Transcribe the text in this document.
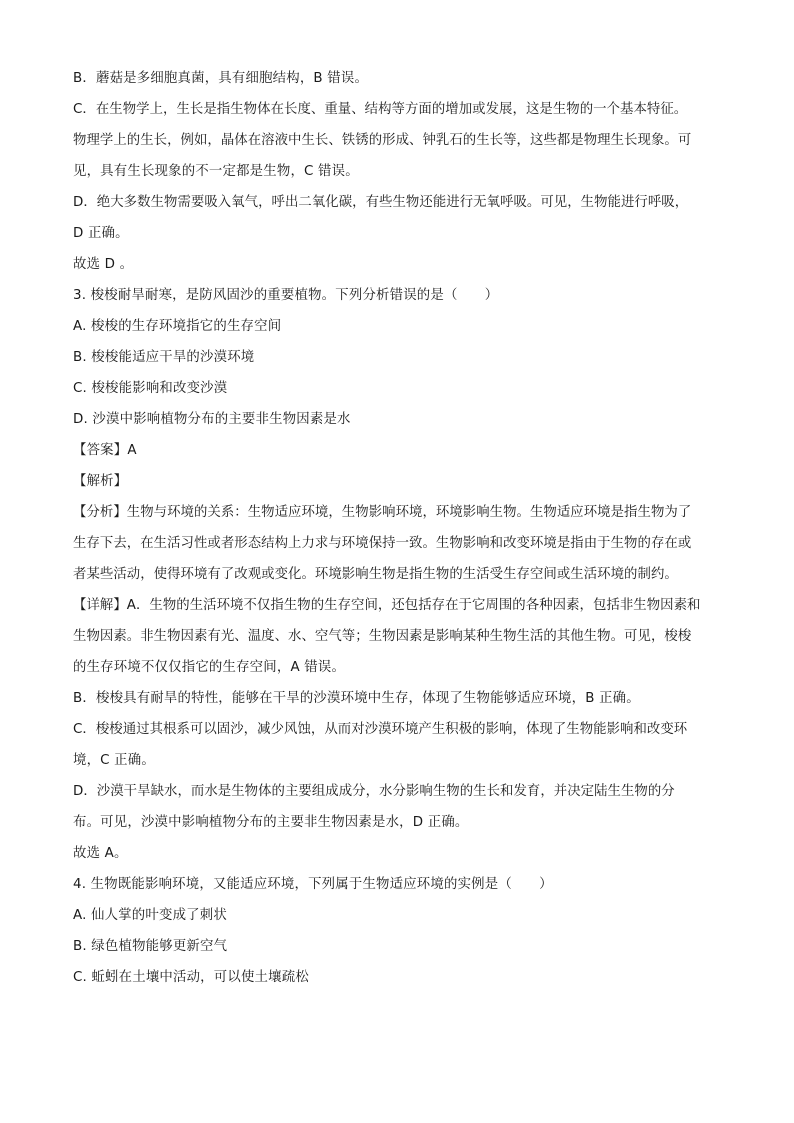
B．蘑菇是多细胞真菌，具有细胞结构，B 错误。
C．在生物学上，生长是指生物体在长度、重量、结构等方面的增加或发展，这是生物的一个基本特征。
物理学上的生长，例如，晶体在溶液中生长、铁锈的形成、钟乳石的生长等，这些都是物理生长现象。可
见，具有生长现象的不一定都是生物，C 错误。
D．绝大多数生物需要吸入氧气，呼出二氧化碳，有些生物还能进行无氧呼吸。可见，生物能进行呼吸，
D 正确。
故选 D 。
3. 梭梭耐旱耐寒，是防风固沙的重要植物。下列分析错误的是（　　）
A. 梭梭的生存环境指它的生存空间
B. 梭梭能适应干旱的沙漠环境
C. 梭梭能影响和改变沙漠
D. 沙漠中影响植物分布的主要非生物因素是水
【答案】A
【解析】
【分析】生物与环境的关系：生物适应环境，生物影响环境，环境影响生物。生物适应环境是指生物为了
生存下去，在生活习性或者形态结构上力求与环境保持一致。生物影响和改变环境是指由于生物的存在或
者某些活动，使得环境有了改观或变化。环境影响生物是指生物的生活受生存空间或生活环境的制约。
【详解】A．生物的生活环境不仅指生物的生存空间，还包括存在于它周围的各种因素，包括非生物因素和
生物因素。非生物因素有光、温度、水、空气等；生物因素是影响某种生物生活的其他生物。可见，梭梭
的生存环境不仅仅指它的生存空间，A 错误。
B．梭梭具有耐旱的特性，能够在干旱的沙漠环境中生存，体现了生物能够适应环境，B 正确。
C．梭梭通过其根系可以固沙，减少风蚀，从而对沙漠环境产生积极的影响，体现了生物能影响和改变环
境，C 正确。
D．沙漠干旱缺水，而水是生物体的主要组成成分，水分影响生物的生长和发育，并决定陆生生物的分
布。可见，沙漠中影响植物分布的主要非生物因素是水，D 正确。
故选 A。
4. 生物既能影响环境，又能适应环境，下列属于生物适应环境的实例是（　　）
A. 仙人掌的叶变成了刺状
B. 绿色植物能够更新空气
C. 蚯蚓在土壤中活动，可以使土壤疏松
